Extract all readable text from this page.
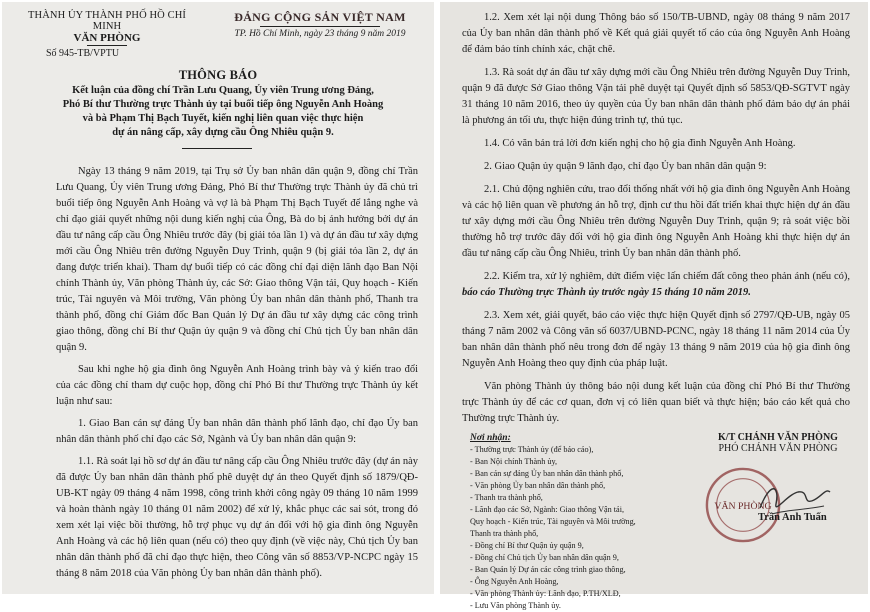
THÀNH ỦY THÀNH PHỐ HỒ CHÍ MINH
VĂN PHÒNG
Số 945-TB/VPTU
ĐẢNG CỘNG SẢN VIỆT NAM
TP. Hồ Chí Minh, ngày 23 tháng 9 năm 2019
THÔNG BÁO
Kết luận của đồng chí Trần Lưu Quang, Ủy viên Trung ương Đảng,
Phó Bí thư Thường trực Thành ủy tại buổi tiếp ông Nguyễn Anh Hoàng
và bà Phạm Thị Bạch Tuyết, kiến nghị liên quan việc thực hiện
dự án nâng cấp, xây dựng cầu Ông Nhiêu quận 9.

Ngày 13 tháng 9 năm 2019, tại Trụ sở Ủy ban nhân dân quận 9, đồng chí Trần Lưu Quang, Ủy viên Trung ương Đảng, Phó Bí thư Thường trực Thành ủy đã chủ trì buổi tiếp ông Nguyễn Anh Hoàng và vợ là bà Phạm Thị Bạch Tuyết để lắng nghe và chỉ đạo giải quyết những nội dung kiến nghị của Ông, Bà do bị ảnh hưởng bởi dự án đầu tư nâng cấp cầu Ông Nhiêu trước đây (bị giải tỏa lần 1) và dự án đầu tư xây dựng mới cầu Ông Nhiêu trên đường Nguyễn Duy Trinh, quận 9 (bị giải tỏa lần 2, dự án đang được triển khai). Tham dự buổi tiếp có các đồng chí đại diện lãnh đạo Ban Nội chính Thành ủy, Văn phòng Thành ủy, các Sở: Giao thông Vận tải, Quy hoạch - Kiến trúc, Tài nguyên và Môi trường, Văn phòng Ủy ban nhân dân thành phố, Thanh tra thành phố, đồng chí Giám đốc Ban Quản lý Dự án đầu tư xây dựng các công trình giao thông, đồng chí Bí thư Quận ủy quận 9 và đồng chí Chủ tịch Ủy ban nhân dân quận 9.

Sau khi nghe hộ gia đình ông Nguyễn Anh Hoàng trình bày và ý kiến trao đổi của các đồng chí tham dự cuộc họp, đồng chí Phó Bí thư Thường trực Thành ủy kết luận như sau:

1. Giao Ban cán sự đảng Ủy ban nhân dân thành phố lãnh đạo, chỉ đạo Ủy ban nhân dân thành phố chỉ đạo các Sở, Ngành và Ủy ban nhân dân quận 9:

1.1. Rà soát lại hồ sơ dự án đầu tư nâng cấp cầu Ông Nhiêu trước đây (dự án này đã được Ủy ban nhân dân thành phố phê duyệt dự án theo Quyết định số 1879/QĐ-UB-KT ngày 09 tháng 4 năm 1998, công trình khởi công ngày 09 tháng 10 năm 1999 và hoàn thành ngày 10 tháng 01 năm 2002) để xử lý, khắc phục các sai sót, trong đó xem xét lại việc bồi thường, hỗ trợ phục vụ dự án đối với hộ gia đình ông Nguyễn Anh Hoàng và các hộ liên quan (nếu có) theo quy định (về việc này, Chủ tịch Ủy ban nhân dân thành phố đã chỉ đạo thực hiện, theo Công văn số 8853/VP-NCPC ngày 15 tháng 8 năm 2018 của Văn phòng Ủy ban nhân dân thành phố).

1.2. Xem xét lại nội dung Thông báo số 150/TB-UBND, ngày 08 tháng 9 năm 2017 của Ủy ban nhân dân thành phố về Kết quả giải quyết tố cáo của ông Nguyễn Anh Hoàng để đảm bảo tính chính xác, chặt chẽ.

1.3. Rà soát dự án đầu tư xây dựng mới cầu Ông Nhiêu trên đường Nguyễn Duy Trinh, quận 9 đã được Sở Giao thông Vận tải phê duyệt tại Quyết định số 5853/QĐ-SGTVT ngày 31 tháng 10 năm 2016, theo ủy quyền của Ủy ban nhân dân thành phố đảm bảo dự án phải là phương án tối ưu, thực hiện đúng trình tự, thủ tục.

1.4. Có văn bản trả lời đơn kiến nghị cho hộ gia đình Nguyễn Anh Hoàng.

2. Giao Quận ủy quận 9 lãnh đạo, chỉ đạo Ủy ban nhân dân quận 9:

2.1. Chủ động nghiên cứu, trao đổi thống nhất với hộ gia đình ông Nguyễn Anh Hoàng và các hộ liên quan về phương án hỗ trợ, định cư thu hồi đất triển khai thực hiện dự án đầu tư xây dựng mới cầu Ông Nhiêu trên đường Nguyễn Duy Trinh, quận 9; rà soát việc bồi thường hỗ trợ trước đây đối với hộ gia đình ông Nguyễn Anh Hoàng khi thực hiện dự án đầu tư nâng cấp cầu Ông Nhiêu, trình Ủy ban nhân dân thành phố.

2.2. Kiểm tra, xử lý nghiêm, dứt điểm việc lấn chiếm đất công theo phản ánh (nếu có), báo cáo Thường trực Thành ủy trước ngày 15 tháng 10 năm 2019.

2.3. Xem xét, giải quyết, báo cáo việc thực hiện Quyết định số 2797/QĐ-UB, ngày 05 tháng 7 năm 2002 và Công văn số 6037/UBND-PCNC, ngày 18 tháng 11 năm 2014 của Ủy ban nhân dân thành phố nêu trong đơn để ngày 13 tháng 9 năm 2019 của hộ gia đình ông Nguyễn Anh Hoàng theo quy định của pháp luật.

Văn phòng Thành ủy thông báo nội dung kết luận của đồng chí Phó Bí thư Thường trực Thành ủy để các cơ quan, đơn vị có liên quan biết và thực hiện; báo cáo kết quả cho Thường trực Thành ủy.

Nơi nhận:
- Thường trực Thành ủy (để báo cáo),
- Ban Nội chính Thành ủy,
- Ban cán sự đảng Ủy ban nhân dân thành phố,
- Văn phòng Ủy ban nhân dân thành phố,
- Thanh tra thành phố,
- Lãnh đạo các Sở, Ngành: Giao thông Vận tải,
Quy hoạch - Kiến trúc, Tài nguyên và Môi trường,
Thanh tra thành phố,
- Đồng chí Bí thư Quận ủy quận 9,
- Đồng chí Chủ tịch Ủy ban nhân dân quận 9,
- Ban Quản lý Dự án các công trình giao thông,
- Ông Nguyễn Anh Hoàng,
- Văn phòng Thành ủy: Lãnh đạo, P.TH/XLĐ,
- Lưu Văn phòng Thành ủy.
K/T CHÁNH VĂN PHÒNG
PHÓ CHÁNH VĂN PHÒNG
VĂN PHÒNG
Trần Anh Tuấn
